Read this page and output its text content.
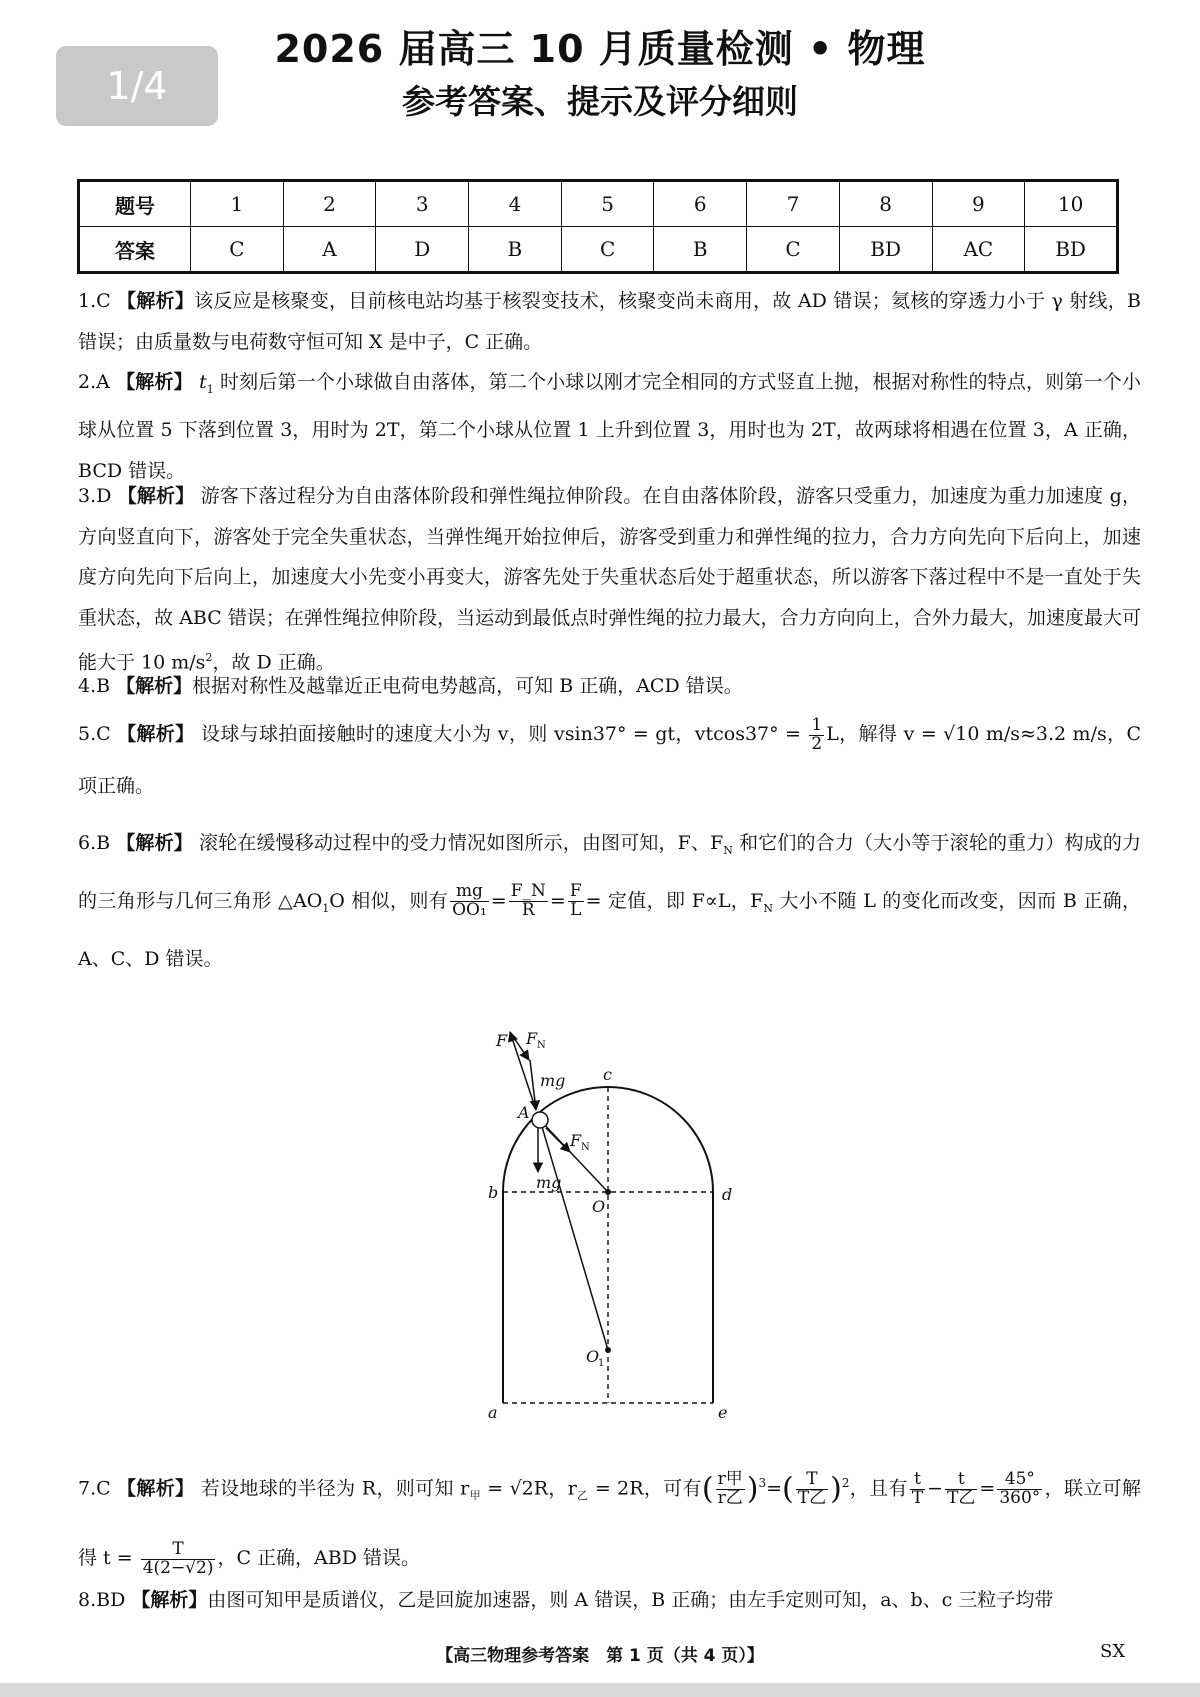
1/4
2026 届高三 10 月质量检测 • 物理
参考答案、提示及评分细则
题号	1	2	3	4	5	6	7	8	9	10
答案	C	A	D	B	C	B	C	BD	AC	BD

1.C 【解析】该反应是核聚变，目前核电站均基于核裂变技术，核聚变尚未商用，故 AD 错误；氦核的穿透力小于 γ 射线，B 错误；由质量数与电荷数守恒可知 X 是中子，C 正确。

2.A 【解析】 $t_1$ 时刻后第一个小球做自由落体，第二个小球以刚才完全相同的方式竖直上抛，根据对称性的特点，则第一个小球从位置 5 下落到位置 3，用时为 2T，第二个小球从位置 1 上升到位置 3，用时也为 2T，故两球将相遇在位置 3，A 正确，BCD 错误。

3.D 【解析】 游客下落过程分为自由落体阶段和弹性绳拉伸阶段。在自由落体阶段，游客只受重力，加速度为重力加速度 g，方向竖直向下，游客处于完全失重状态，当弹性绳开始拉伸后，游客受到重力和弹性绳的拉力，合力方向先向下后向上，加速度方向先向下后向上，加速度大小先变小再变大，游客先处于失重状态后处于超重状态，所以游客下落过程中不是一直处于失重状态，故 ABC 错误；在弹性绳拉伸阶段，当运动到最低点时弹性绳的拉力最大，合力方向向上，合外力最大，加速度最大可能大于 10 $m/s^2$，故 D 正确。

4.B 【解析】根据对称性及越靠近正电荷电势越高，可知 B 正确，ACD 错误。

5.C 【解析】 设球与球拍面接触时的速度大小为 v，则 vsin37° = gt，$vtcos37^\circ = \frac{1}{2}$ L，解得 v = √10 m/s≈3.2 m/s，C 项正确。

6.B 【解析】 滚轮在缓慢移动过程中的受力情况如图所示，由图可知，F、$F_N$ 和它们的合力（大小等于滚轮的重力）构成的力的三角形与几何三角形 $\triangle AO_1O$ 相似，则有 $\frac{mg}{\text{OO₁}} = \frac{F\_N}{R} = \frac{F}{L}$ = 定值，即 F∝L，$F_N$ 大小不随 L 的变化而改变，因而 B 正确，A、C、D 错误。

F F N
mg
A
c
F N
mg
b	d
O
O
1
a	e

7.C 【解析】 若设地球的半径为 R，则可知 $r_甲 = √2R$，$r_乙 = 2R$，可有( $\frac{\text{r甲}}{\text{r乙}} )^3=( \frac{T}{\text{T乙}} )^2$，且有 $\frac{t}{T} - \frac{t}{\text{T乙}} = \frac{45^\circ}{360^\circ}$ ，联立可解得 $t = \frac{T}{4(2-√2)}$ ，C 正确，ABD 错误。

8.BD 【解析】由图可知甲是质谱仪，乙是回旋加速器，则 A 错误，B 正确；由左手定则可知，a、b、c 三粒子均带

【高三物理参考答案　第 1 页（共 4 页）】	SX
